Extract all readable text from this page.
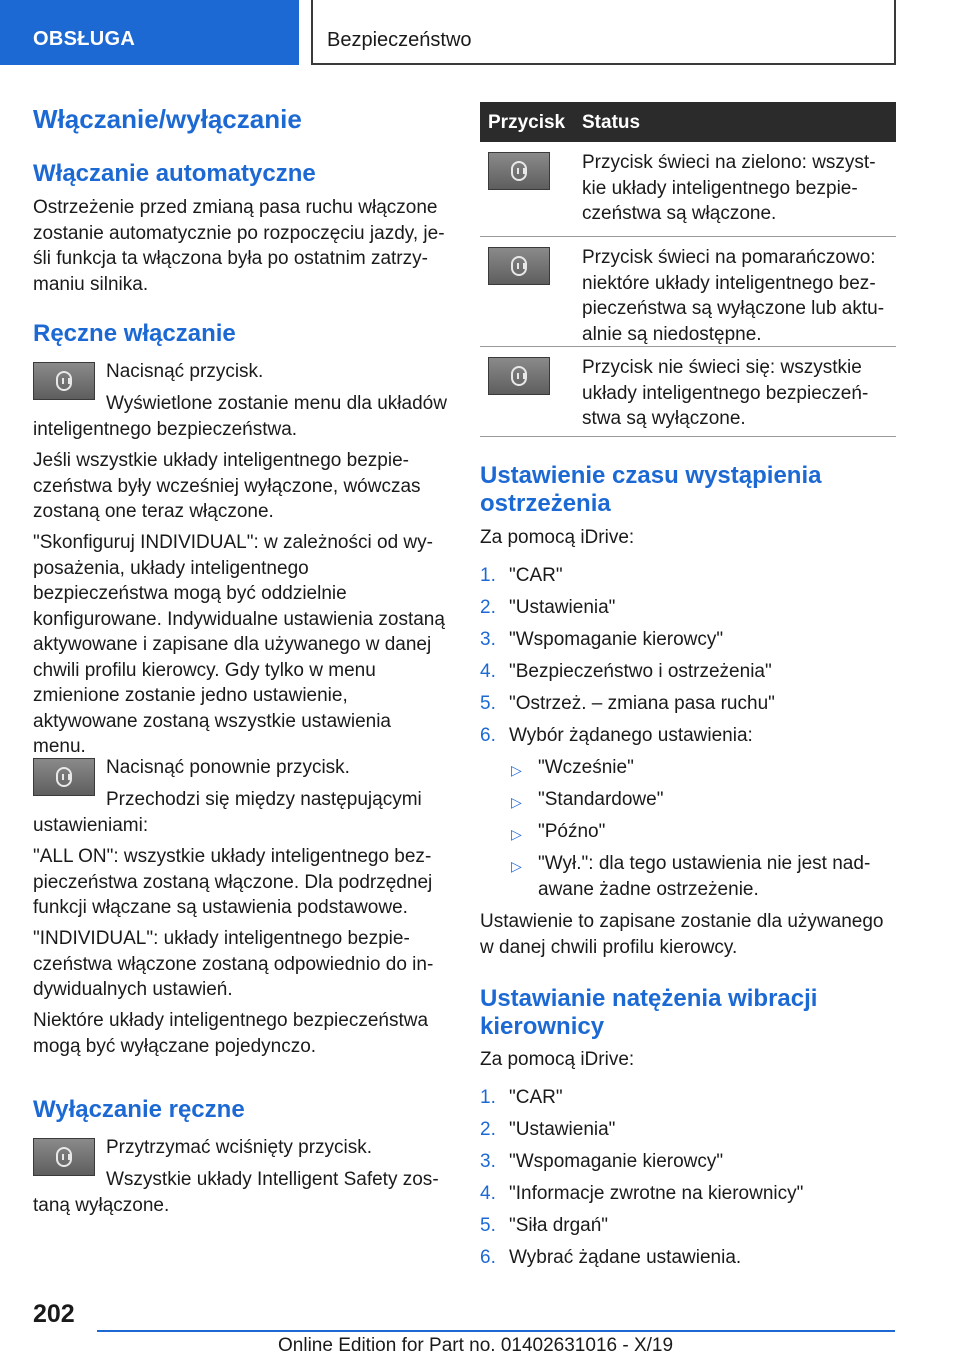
OBSŁUGA	Bezpieczeństwo
Włączanie/wyłączanie
Włączanie automatyczne

Ostrzeżenie przed zmianą pasa ruchu włączone zostanie automatycznie po rozpoczęciu jazdy, jeśli funkcja ta włączona była po ostatnim zatrzymaniu silnika.

Ręczne włączanie

Nacisnąć przycisk.

Wyświetlone zostanie menu dla układów inteligentnego bezpieczeństwa.

Jeśli wszystkie układy inteligentnego bezpieczeństwa były wcześniej wyłączone, wówczas zostaną one teraz włączone.

"Skonfiguruj INDIVIDUAL": w zależności od wyposażenia, układy inteligentnego bezpieczeństwa mogą być oddzielnie konfigurowane. Indywidualne ustawienia zostaną aktywowane i zapisane dla używanego w danej chwili profilu kierowcy. Gdy tylko w menu zmienione zostanie jedno ustawienie, aktywowane zostaną wszystkie ustawienia menu.

Nacisnąć ponownie przycisk.

Przechodzi się między następującymi ustawieniami:

"ALL ON": wszystkie układy inteligentnego bezpieczeństwa zostaną włączone. Dla podrzędnej funkcji włączane są ustawienia podstawowe.

"INDIVIDUAL": układy inteligentnego bezpieczeństwa włączone zostaną odpowiednio do indywidualnych ustawień.

Niektóre układy inteligentnego bezpieczeństwa mogą być wyłączane pojedynczo.

Wyłączanie ręczne

Przytrzymać wciśnięty przycisk.

Wszystkie układy Intelligent Safety zostaną wyłączone.

Przycisk Status
Przycisk świeci na zielono: wszystkie układy inteligentnego bezpieczeństwa są włączone.
Przycisk świeci na pomarańczowo: niektóre układy inteligentnego bezpieczeństwa są wyłączone lub aktualnie są niedostępne.
Przycisk nie świeci się: wszystkie układy inteligentnego bezpieczeństwa są wyłączone.
Ustawienie czasu wystąpienia ostrzeżenia

Za pomocą iDrive:

1. "CAR"
2. "Ustawienia"
3. "Wspomaganie kierowcy"
4. "Bezpieczeństwo i ostrzeżenia"
5. "Ostrzeż. – zmiana pasa ruchu"
6. Wybór żądanego ustawienia:
▷ "Wcześnie"
▷ "Standardowe"
▷ "Późno"
▷ "Wył.": dla tego ustawienia nie jest nadawane żadne ostrzeżenie.

Ustawienie to zapisane zostanie dla używanego w danej chwili profilu kierowcy.

Ustawianie natężenia wibracji kierownicy

Za pomocą iDrive:

1. "CAR"
2. "Ustawienia"
3. "Wspomaganie kierowcy"
4. "Informacje zwrotne na kierownicy"
5. "Siła drgań"
6. Wybrać żądane ustawienia.
202
Online Edition for Part no. 01402631016 - X/19
